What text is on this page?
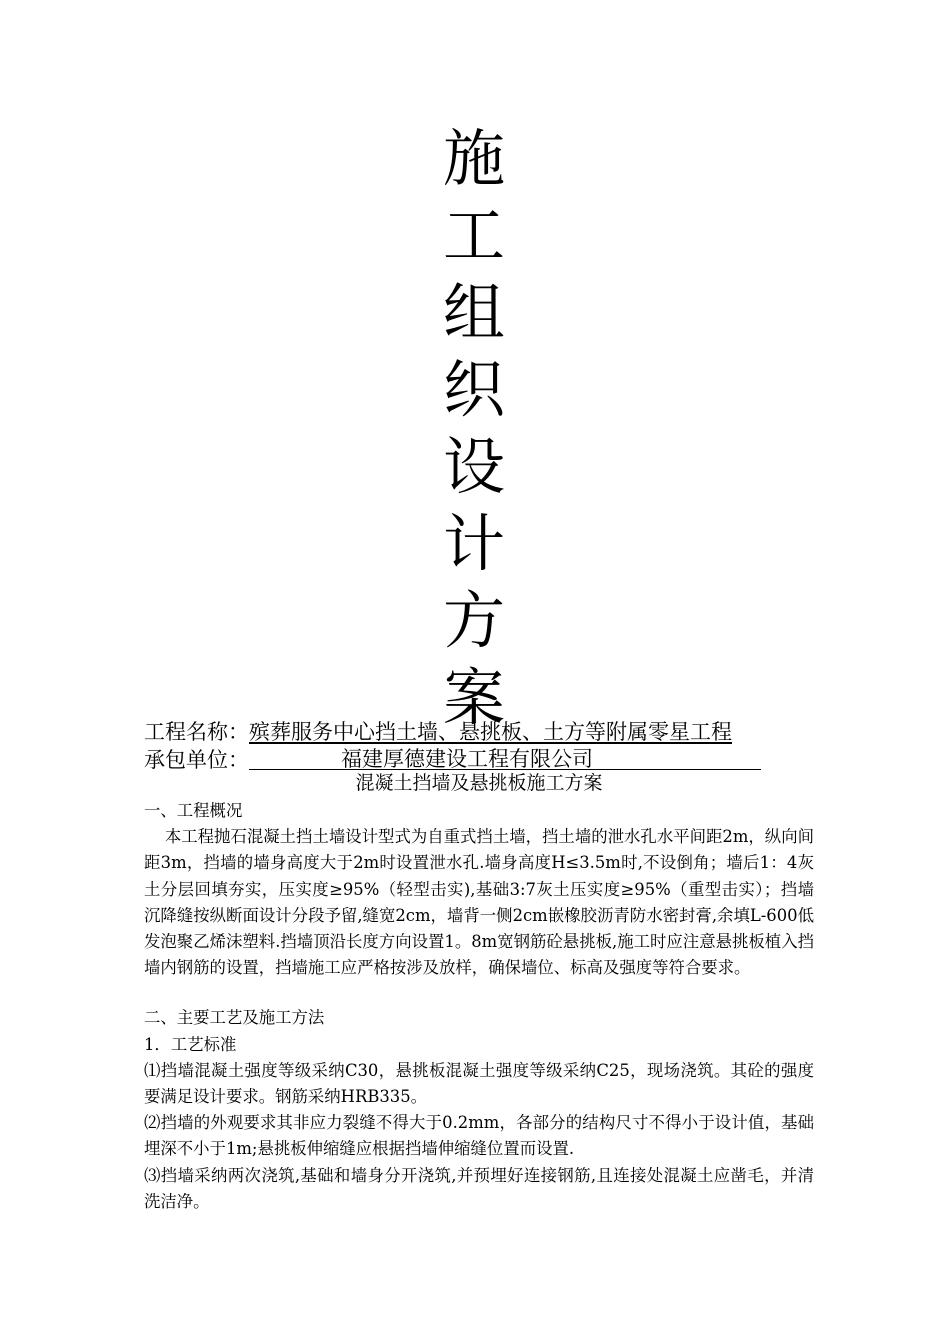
施
工
组
织
设
计
方
案
工程名称：殡葬服务中心挡土墙、悬挑板、土方等附属零星工程
承包单位：	福建厚德建设工程有限公司
混凝土挡墙及悬挑板施工方案

一、工程概况

本工程抛石混凝土挡土墙设计型式为自重式挡土墙，挡土墙的泄水孔水平间距2m，纵向间距3m，挡墙的墙身高度大于2m时设置泄水孔.墙身高度H≤3.5m时,不设倒角；墙后1：4灰土分层回填夯实，压实度≥95%（轻型击实),基础3:7灰土压实度≥95%（重型击实）；挡墙沉降缝按纵断面设计分段予留,缝宽2cm，墙背一侧2cm嵌橡胶沥青防水密封膏,余填L-600低发泡聚乙烯沫塑料.挡墙顶沿长度方向设置1。8m宽钢筋砼悬挑板,施工时应注意悬挑板植入挡墙内钢筋的设置，挡墙施工应严格按涉及放样，确保墙位、标高及强度等符合要求。

二、主要工艺及施工方法

1．工艺标准

⑴挡墙混凝土强度等级采纳C30，悬挑板混凝土强度等级采纳C25，现场浇筑。其砼的强度要满足设计要求。钢筋采纳HRB335。

⑵挡墙的外观要求其非应力裂缝不得大于0.2mm，各部分的结构尺寸不得小于设计值，基础埋深不小于1m;悬挑板伸缩缝应根据挡墙伸缩缝位置而设置.

⑶挡墙采纳两次浇筑,基础和墙身分开浇筑,并预埋好连接钢筋,且连接处混凝土应凿毛，并清洗洁净。
